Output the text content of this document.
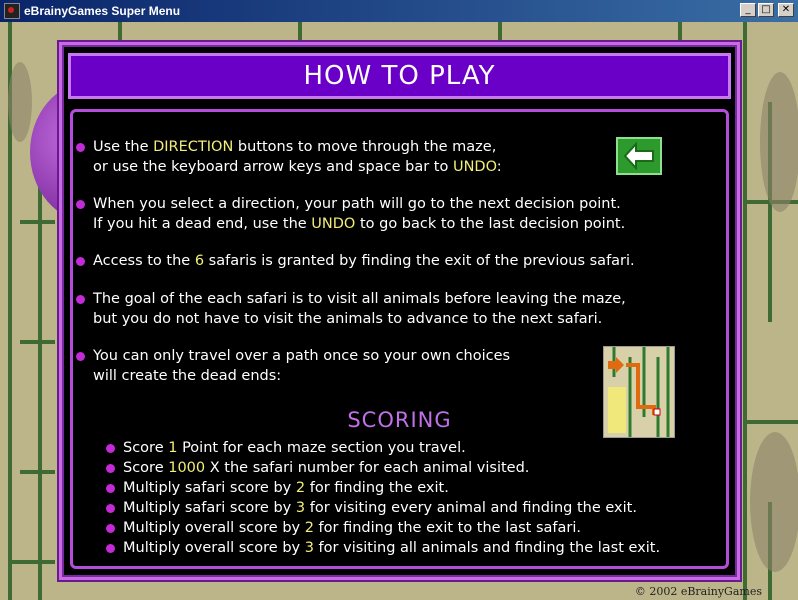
eBrainyGames Super Menu	_	□	✕
© 2002 eBrainyGames
HOW TO PLAY
Use the DIRECTION buttons to move through the maze,
or use the keyboard arrow keys and space bar to UNDO:
When you select a direction, your path will go to the next decision point.
If you hit a dead end, use the UNDO to go back to the last decision point.
Access to the 6 safaris is granted by finding the exit of the previous safari.
The goal of the each safari is to visit all animals before leaving the maze,
but you do not have to visit the animals to advance to the next safari.
You can only travel over a path once so your own choices
will create the dead ends:
SCORING
Score 1 Point for each maze section you travel.
Score 1000 X the safari number for each animal visited.
Multiply safari score by 2 for finding the exit.
Multiply safari score by 3 for visiting every animal and finding the exit.
Multiply overall score by 2 for finding the exit to the last safari.
Multiply overall score by 3 for visiting all animals and finding the last exit.
